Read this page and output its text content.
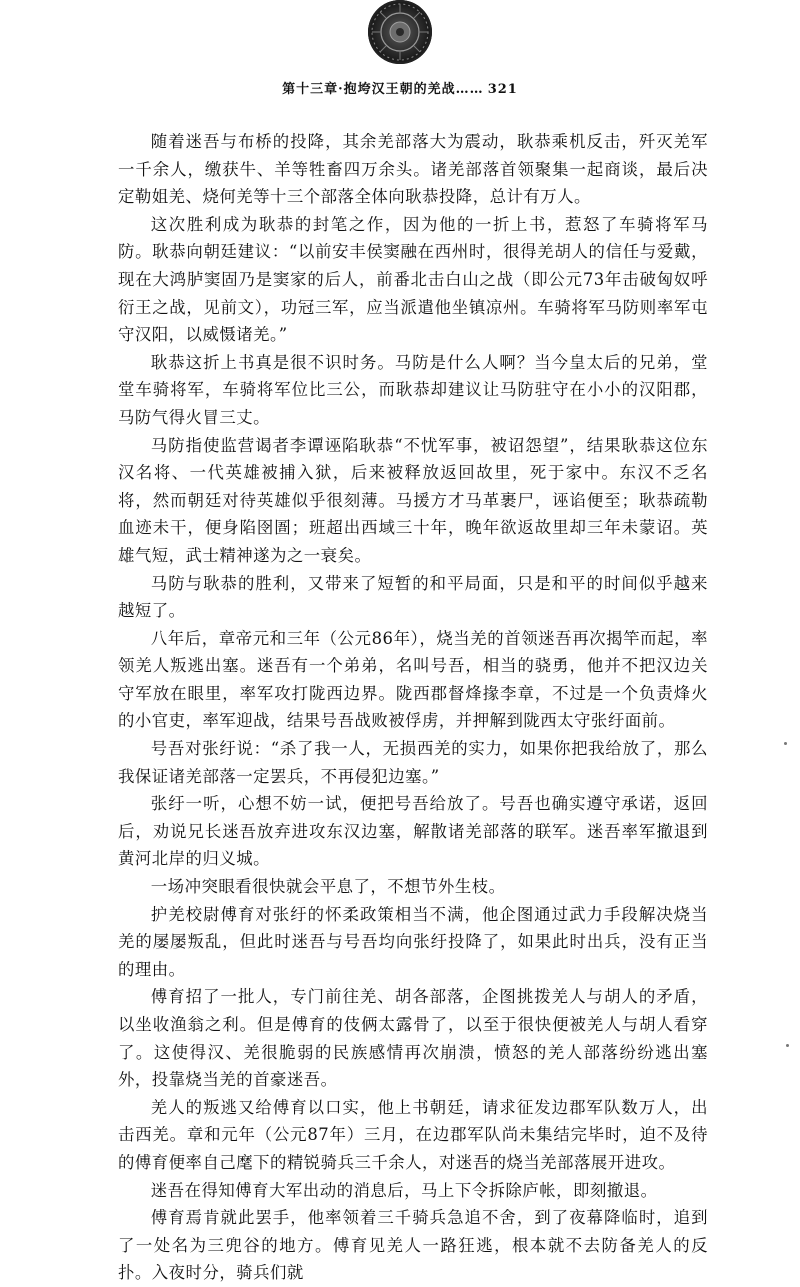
第十三章·抱垮汉王朝的羌战…… 321

随着迷吾与布桥的投降，其余羌部落大为震动，耿恭乘机反击，歼灭羌军一千余人，缴获牛、羊等牲畜四万余头。诸羌部落首领聚集一起商谈，最后决定勒姐羌、烧何羌等十三个部落全体向耿恭投降，总计有万人。

这次胜利成为耿恭的封笔之作，因为他的一折上书，惹怒了车骑将军马防。耿恭向朝廷建议：“以前安丰侯窦融在西州时，很得羌胡人的信任与爱戴，现在大鸿胪窦固乃是窦家的后人，前番北击白山之战（即公元73年击破匈奴呼衍王之战，见前文），功冠三军，应当派遣他坐镇凉州。车骑将军马防则率军屯守汉阳，以威慑诸羌。”

耿恭这折上书真是很不识时务。马防是什么人啊？当今皇太后的兄弟，堂堂车骑将军，车骑将军位比三公，而耿恭却建议让马防驻守在小小的汉阳郡，马防气得火冒三丈。

马防指使监营谒者李谭诬陷耿恭“不忧军事，被诏怨望”，结果耿恭这位东汉名将、一代英雄被捕入狱，后来被释放返回故里，死于家中。东汉不乏名将，然而朝廷对待英雄似乎很刻薄。马援方才马革裹尸，诬谄便至；耿恭疏勒血迹未干，便身陷囹圄；班超出西域三十年，晚年欲返故里却三年未蒙诏。英雄气短，武士精神遂为之一衰矣。

马防与耿恭的胜利，又带来了短暂的和平局面，只是和平的时间似乎越来越短了。

八年后，章帝元和三年（公元86年），烧当羌的首领迷吾再次揭竿而起，率领羌人叛逃出塞。迷吾有一个弟弟，名叫号吾，相当的骁勇，他并不把汉边关守军放在眼里，率军攻打陇西边界。陇西郡督烽掾李章，不过是一个负责烽火的小官吏，率军迎战，结果号吾战败被俘虏，并押解到陇西太守张纡面前。

号吾对张纡说：“杀了我一人，无损西羌的实力，如果你把我给放了，那么我保证诸羌部落一定罢兵，不再侵犯边塞。”

张纡一听，心想不妨一试，便把号吾给放了。号吾也确实遵守承诺，返回后，劝说兄长迷吾放弃进攻东汉边塞，解散诸羌部落的联军。迷吾率军撤退到黄河北岸的归义城。

一场冲突眼看很快就会平息了，不想节外生枝。

护羌校尉傅育对张纡的怀柔政策相当不满，他企图通过武力手段解决烧当羌的屡屡叛乱，但此时迷吾与号吾均向张纡投降了，如果此时出兵，没有正当的理由。

傅育招了一批人，专门前往羌、胡各部落，企图挑拨羌人与胡人的矛盾，以坐收渔翁之利。但是傅育的伎俩太露骨了，以至于很快便被羌人与胡人看穿了。这使得汉、羌很脆弱的民族感情再次崩溃，愤怒的羌人部落纷纷逃出塞外，投靠烧当羌的首豪迷吾。

羌人的叛逃又给傅育以口实，他上书朝廷，请求征发边郡军队数万人，出击西羌。章和元年（公元87年）三月，在边郡军队尚未集结完毕时，迫不及待的傅育便率自己麾下的精锐骑兵三千余人，对迷吾的烧当羌部落展开进攻。

迷吾在得知傅育大军出动的消息后，马上下令拆除庐帐，即刻撤退。

傅育焉肯就此罢手，他率领着三千骑兵急追不舍，到了夜幕降临时，追到了一处名为三兜谷的地方。傅育见羌人一路狂逃，根本就不去防备羌人的反扑。入夜时分，骑兵们就
